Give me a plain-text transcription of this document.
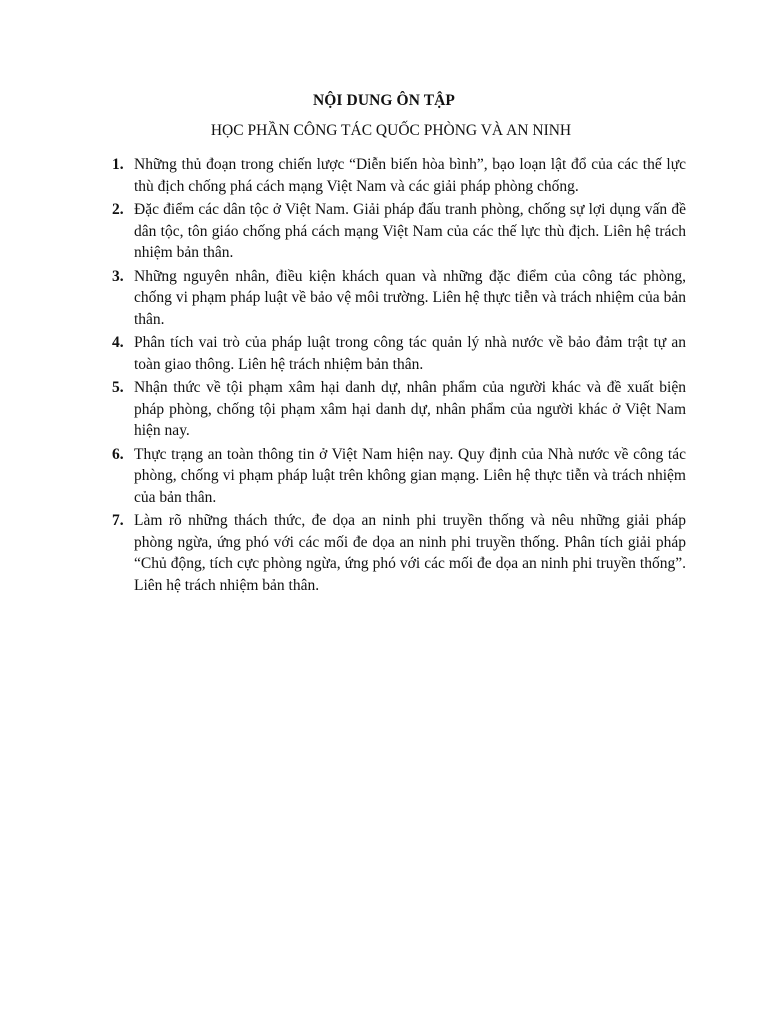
NỘI DUNG ÔN TẬP
HỌC PHẦN CÔNG TÁC QUỐC PHÒNG VÀ AN NINH
1. Những thủ đoạn trong chiến lược “Diễn biến hòa bình”, bạo loạn lật đổ của các thế lực thù địch chống phá cách mạng Việt Nam và các giải pháp phòng chống.
2. Đặc điểm các dân tộc ở Việt Nam. Giải pháp đấu tranh phòng, chống sự lợi dụng vấn đề dân tộc, tôn giáo chống phá cách mạng Việt Nam của các thế lực thù địch. Liên hệ trách nhiệm bản thân.
3. Những nguyên nhân, điều kiện khách quan và những đặc điểm của công tác phòng, chống vi phạm pháp luật về bảo vệ môi trường. Liên hệ thực tiễn và trách nhiệm của bản thân.
4. Phân tích vai trò của pháp luật trong công tác quản lý nhà nước về bảo đảm trật tự an toàn giao thông. Liên hệ trách nhiệm bản thân.
5. Nhận thức về tội phạm xâm hại danh dự, nhân phẩm của người khác và đề xuất biện pháp phòng, chống tội phạm xâm hại danh dự, nhân phẩm của người khác ở Việt Nam hiện nay.
6. Thực trạng an toàn thông tin ở Việt Nam hiện nay. Quy định của Nhà nước về công tác phòng, chống vi phạm pháp luật trên không gian mạng. Liên hệ thực tiễn và trách nhiệm của bản thân.
7. Làm rõ những thách thức, đe dọa an ninh phi truyền thống và nêu những giải pháp phòng ngừa, ứng phó với các mối đe dọa an ninh phi truyền thống. Phân tích giải pháp “Chủ động, tích cực phòng ngừa, ứng phó với các mối đe dọa an ninh phi truyền thống”. Liên hệ trách nhiệm bản thân.
